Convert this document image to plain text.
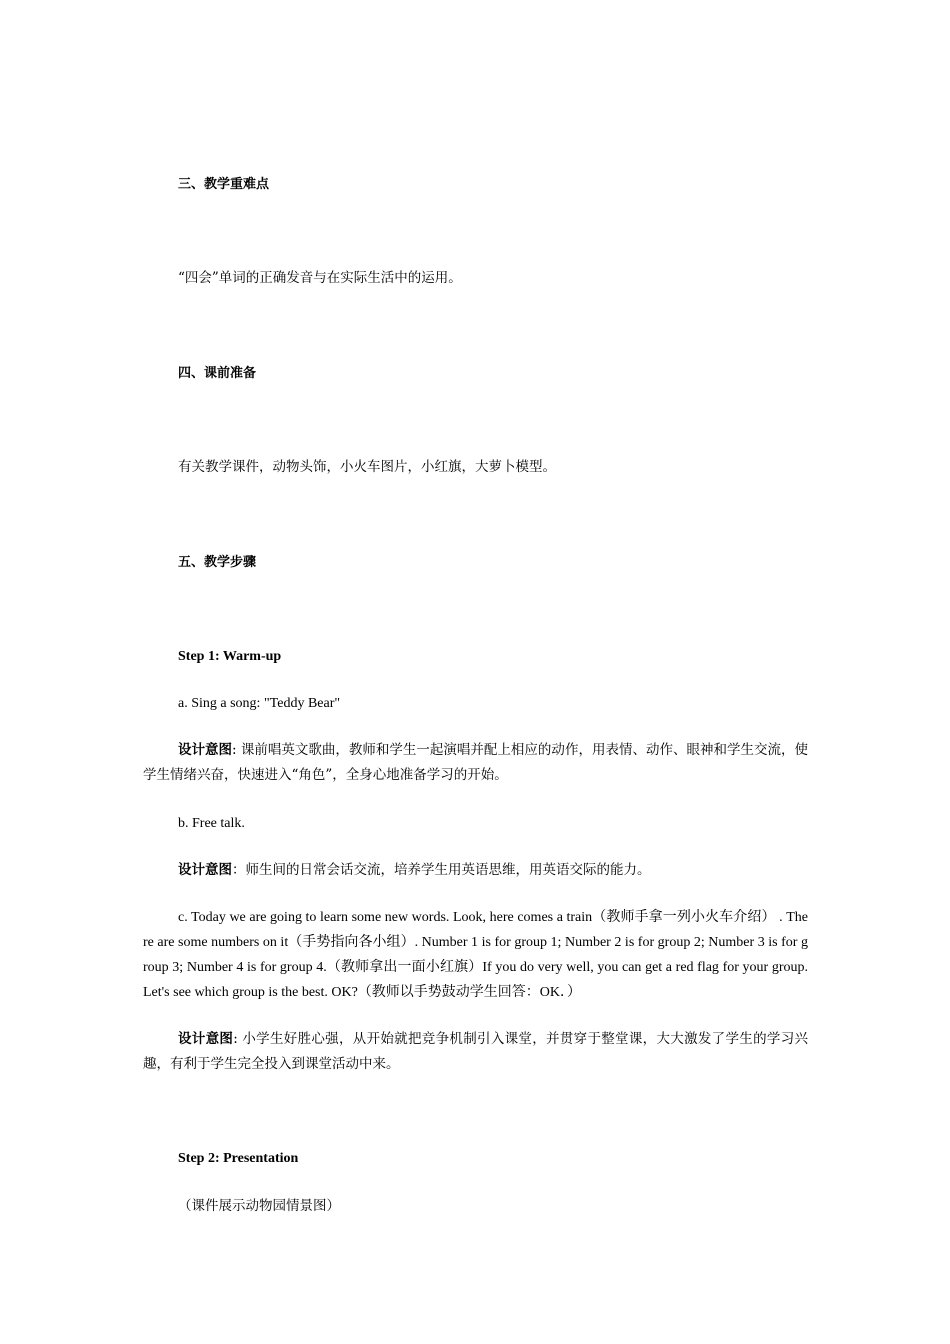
三、教学重难点
“四会”单词的正确发音与在实际生活中的运用。
四、课前准备
有关教学课件，动物头饰，小火车图片，小红旗，大萝卜模型。
五、教学步骤
Step 1: Warm-up
a. Sing a song: "Teddy Bear"
设计意图: 课前唱英文歌曲，教师和学生一起演唱并配上相应的动作，用表情、动作、眼神和学生交流，使学生情绪兴奋，快速进入“角色”，全身心地准备学习的开始。
b. Free talk.
设计意图：师生间的日常会话交流，培养学生用英语思维，用英语交际的能力。
c. Today we are going to learn some new words. Look, here comes a train（教师手拿一列小火车介绍） . There are some numbers on it（手势指向各小组）. Number 1 is for group 1; Number 2 is for group 2; Number 3 is for group 3; Number 4 is for group 4.（教师拿出一面小红旗）If you do very well, you can get a red flag for your group. Let's see which group is the best. OK?（教师以手势鼓动学生回答：OK．）
设计意图: 小学生好胜心强，从开始就把竞争机制引入课堂，并贯穿于整堂课，大大激发了学生的学习兴趣，有利于学生完全投入到课堂活动中来。
Step 2: Presentation
（课件展示动物园情景图）
